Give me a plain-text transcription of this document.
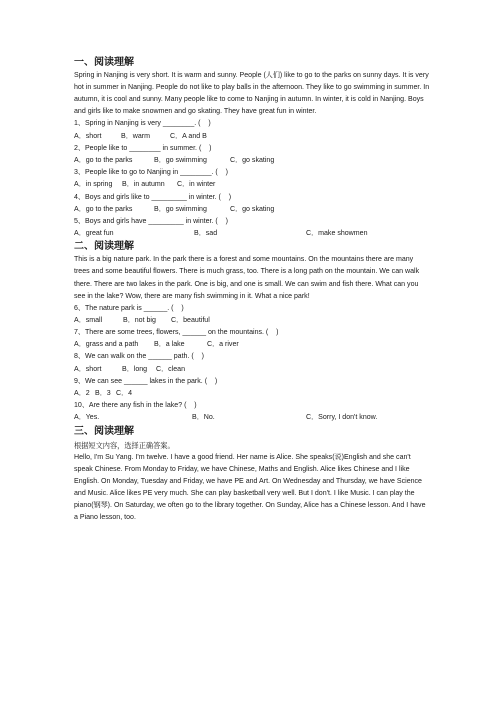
一、阅读理解

Spring in Nanjing is very short. It is warm and sunny. People (人们) like to go to the parks on sunny days. It is very hot in summer in Nanjing. People do not like to play balls in the afternoon. They like to go swimming in summer. In autumn, it is cool and sunny. Many people like to come to Nanjing in autumn. In winter, it is cold in Nanjing. Boys and girls like to make snowmen and go skating. They have great fun in winter.

1、Spring in Nanjing is very ________. (    )
A．short	B．warm	C．A and B
2、People like to ________ in summer. (    )
A．go to the parks	B．go swimming	C．go skating
3、People like to go to Nanjing in ________. (    )
A．in spring B．in autumn C．in winter
4、Boys and girls like to _________ in winter. (    )
A．go to the parks	B．go swimming	C．go skating
5、Boys and girls have _________ in winter. (    )
A．great fun	B．sad	C．make showmen
二、阅读理解

This is a big nature park. In the park there is a forest and some mountains. On the mountains there are many trees and some beautiful flowers. There is much grass, too. There is a long path on the mountain. We can walk there. There are two lakes in the park. One is big, and one is small. We can swim and fish there. What can you see in the lake? Wow, there are many fish swimming in it. What a nice park!

6、The nature park is ______. (    )
A．small	B．not big C．beautiful
7、There are some trees, flowers, ______ on the mountains. (    )
A．grass and a path B．a lake	C．a river
8、We can walk on the ______ path. (    )
A．short	B．long C．clean
9、We can see ______ lakes in the park. (    )
A．2 B．3 C．4
10、Are there any fish in the lake? (    )
A．Yes.	B．No.	C．Sorry, I don't know.
三、阅读理解
根据短文内容，选择正确答案。

Hello, I'm Su Yang. I'm twelve. I have a good friend. Her name is Alice. She speaks(说)English and she can't speak Chinese. From Monday to Friday, we have Chinese, Maths and English. Alice likes Chinese and I like English. On Monday, Tuesday and Friday, we have PE and Art. On Wednesday and Thursday, we have Science and Music. Alice likes PE very much. She can play basketball very well. But I don't. I like Music. I can play the piano(钢琴). On Saturday, we often go to the library together. On Sunday, Alice has a Chinese lesson. And I have a Piano lesson, too.
